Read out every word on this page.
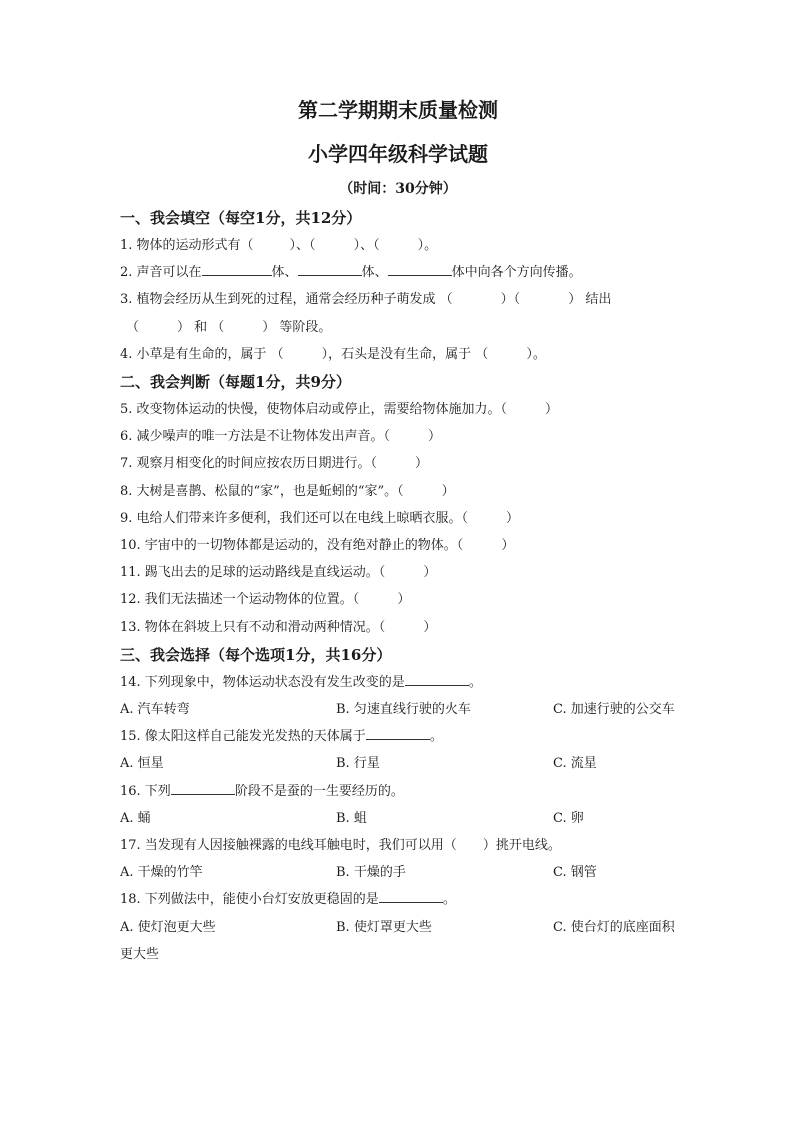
第二学期期末质量检测
小学四年级科学试题
（时间：30分钟）
一、我会填空（每空1分，共12分）
1. 物体的运动形式有（	）、（	）、（	）。
2. 声音可以在	体、	体、	体中向各个方向传播。
3. 植物会经历从生到死的过程，通常会经历种子萌发成 （	）（	） 结出
（	） 和 （	） 等阶段。
4. 小草是有生命的，属于 （	），石头是没有生命，属于 （	）。
二、我会判断（每题1分，共9分）
5. 改变物体运动的快慢，使物体启动或停止，需要给物体施加力。（	）
6. 减少噪声的唯一方法是不让物体发出声音。（	）
7. 观察月相变化的时间应按农历日期进行。（	）
8. 大树是喜鹊、松鼠的“家”，也是蚯蚓的“家”。（	）
9. 电给人们带来许多便利，我们还可以在电线上晾晒衣服。（	）
10. 宇宙中的一切物体都是运动的，没有绝对静止的物体。（	）
11. 踢飞出去的足球的运动路线是直线运动。（	）
12. 我们无法描述一个运动物体的位置。（	）
13. 物体在斜坡上只有不动和滑动两种情况。（	）
三、我会选择（每个选项1分，共16分）
14. 下列现象中，物体运动状态没有发生改变的是	。
A. 汽车转弯	B. 匀速直线行驶的火车	C. 加速行驶的公交车
15. 像太阳这样自己能发光发热的天体属于	。
A. 恒星	B. 行星	C. 流星
16. 下列	阶段不是蚕的一生要经历的。
A. 蛹	B. 蛆	C. 卵
17. 当发现有人因接触裸露的电线耳触电时，我们可以用（ ）挑开电线。
A. 干燥的竹竿	B. 干燥的手	C. 钢管
18. 下列做法中，能使小台灯安放更稳固的是	。
A. 使灯泡更大些	B. 使灯罩更大些	C. 使台灯的底座面积更大些
